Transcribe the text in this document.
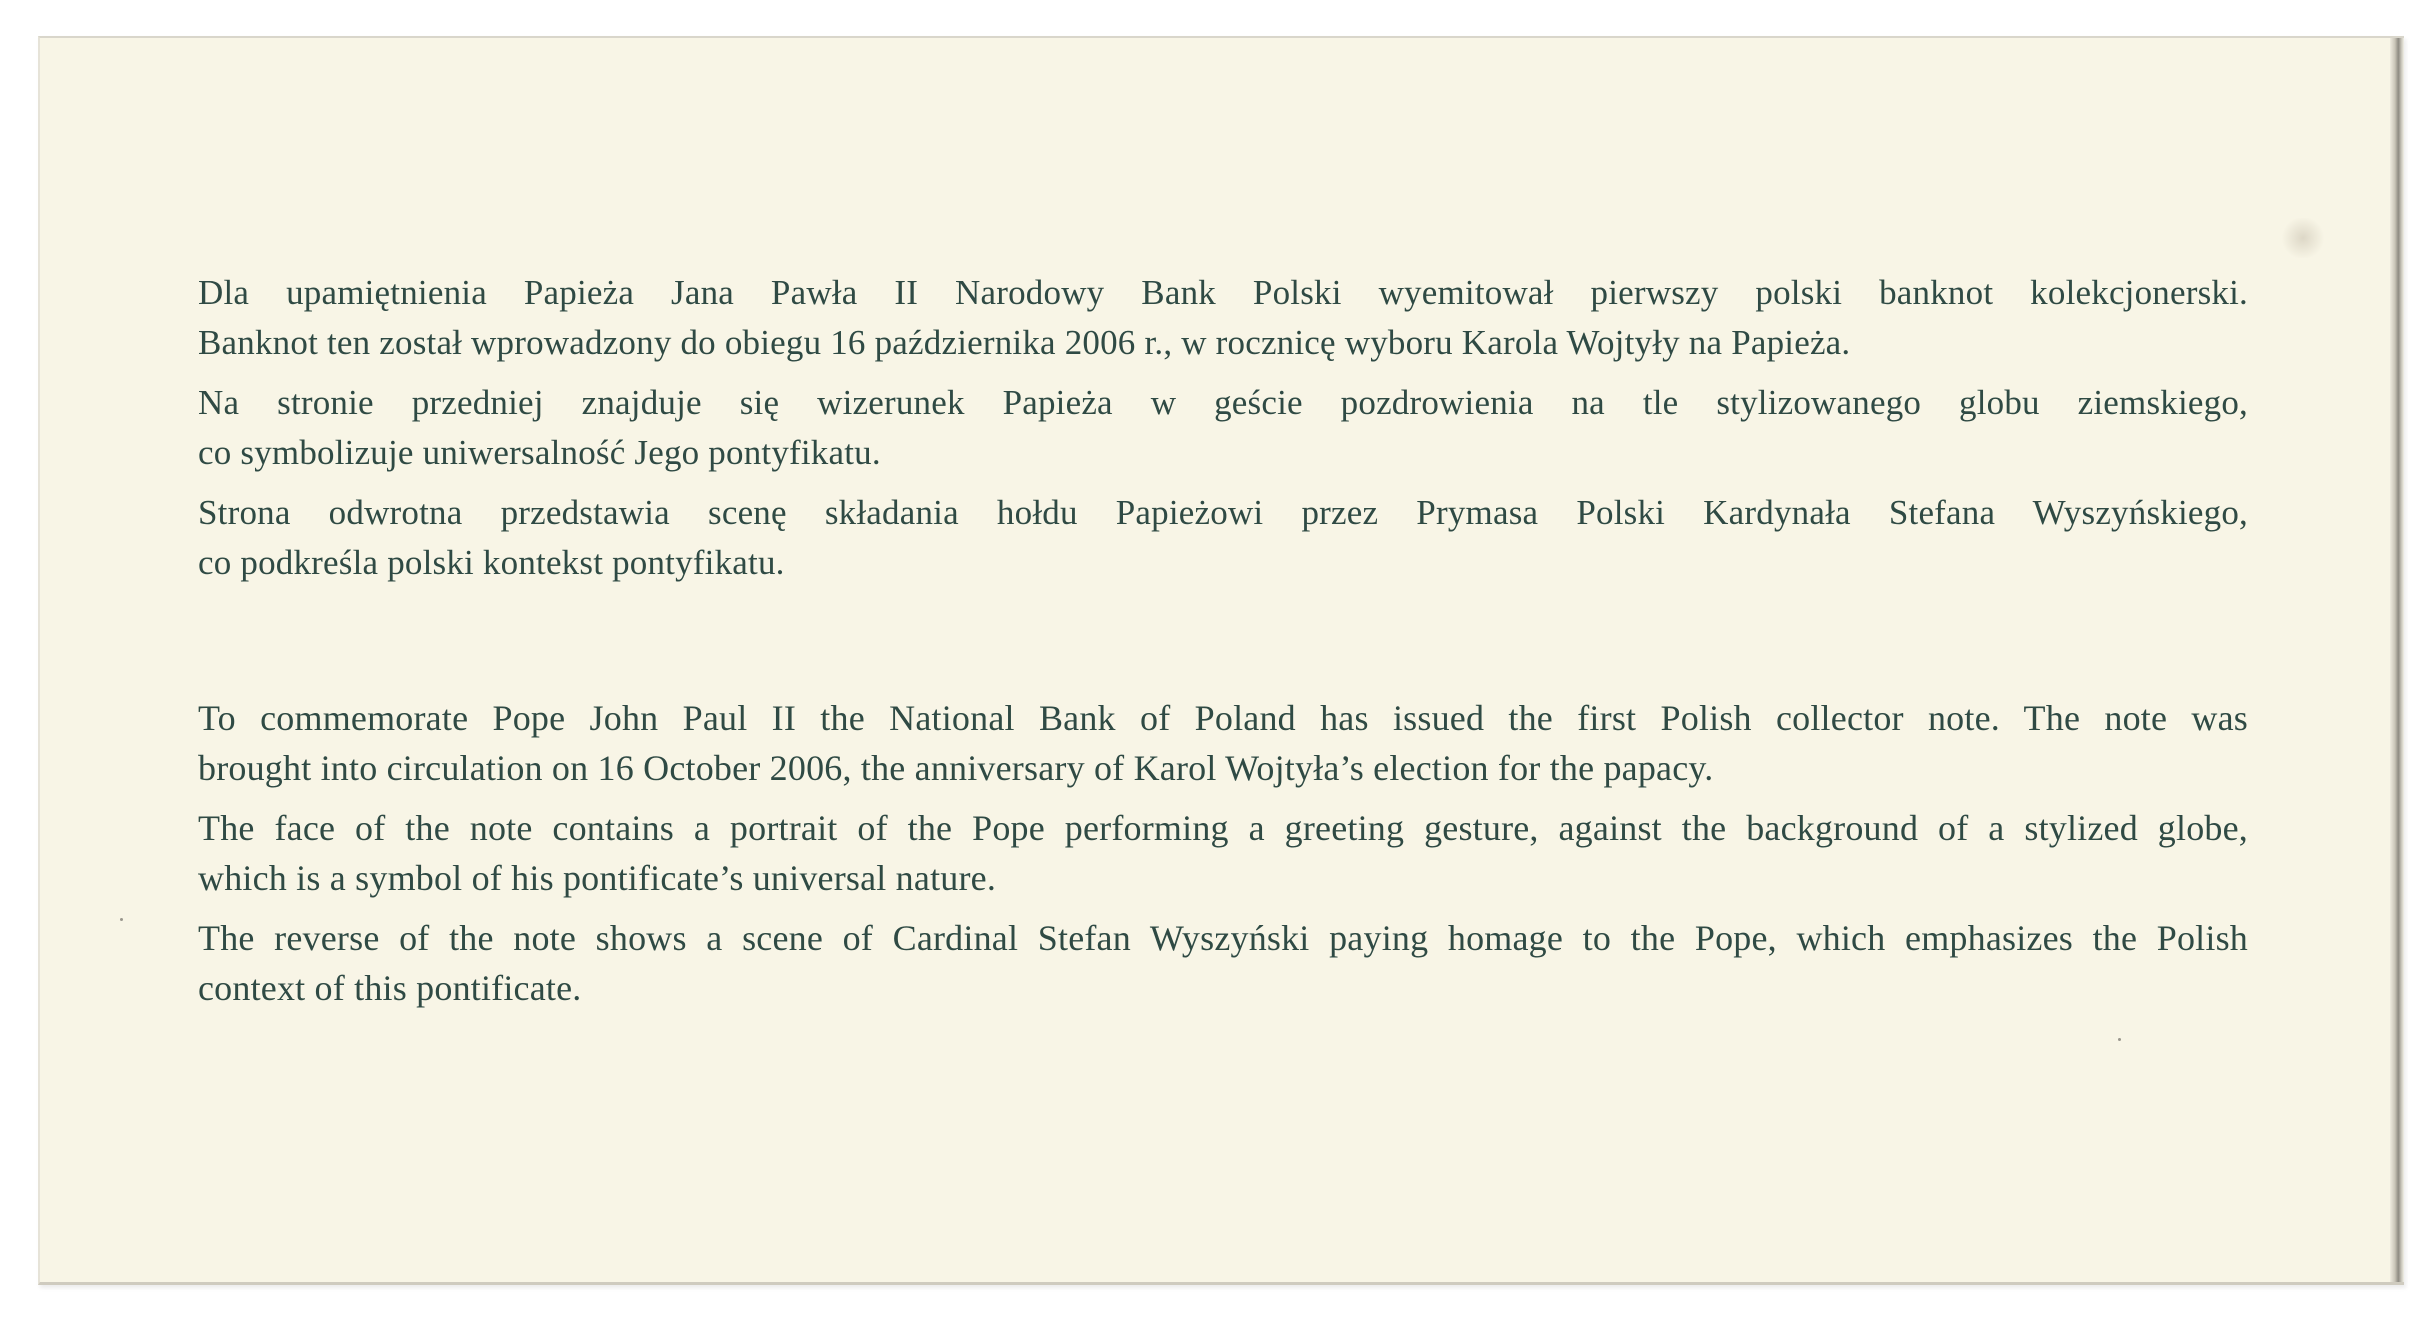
Dla upamiętnienia Papieża Jana Pawła II Narodowy Bank Polski wyemitował pierwszy polski banknot kolekcjonerski.
Banknot ten został wprowadzony do obiegu 16 października 2006 r., w rocznicę wyboru Karola Wojtyły na Papieża.

Na stronie przedniej znajduje się wizerunek Papieża w geście pozdrowienia na tle stylizowanego globu ziemskiego,
co symbolizuje uniwersalność Jego pontyfikatu.

Strona odwrotna przedstawia scenę składania hołdu Papieżowi przez Prymasa Polski Kardynała Stefana Wyszyńskiego,
co podkreśla polski kontekst pontyfikatu.

To commemorate Pope John Paul II the National Bank of Poland has issued the first Polish collector note. The note was
brought into circulation on 16 October 2006, the anniversary of Karol Wojtyła’s election for the papacy.

The face of the note contains a portrait of the Pope performing a greeting gesture, against the background of a stylized globe,
which is a symbol of his pontificate’s universal nature.

The reverse of the note shows a scene of Cardinal Stefan Wyszyński paying homage to the Pope, which emphasizes the Polish
context of this pontificate.
